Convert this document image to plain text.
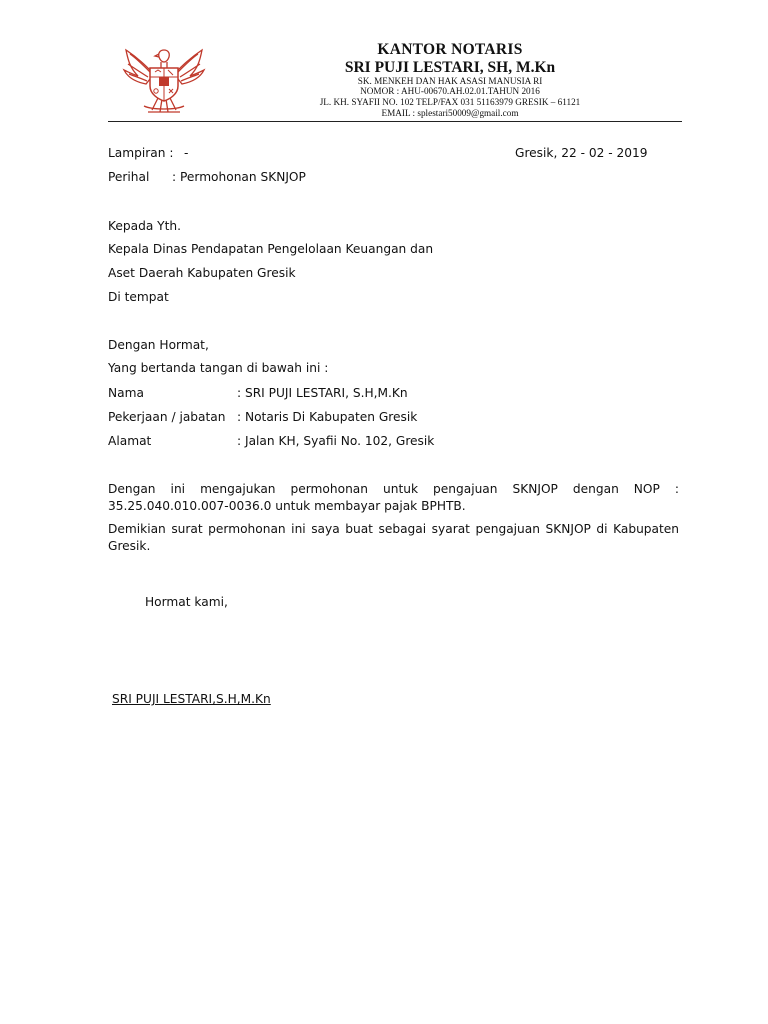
KANTOR NOTARIS
SRI PUJI LESTARI, SH, M.Kn
SK. MENKEH DAN HAK ASASI MANUSIA RI
NOMOR : AHU-00670.AH.02.01.TAHUN 2016
JL. KH. SYAFII NO. 102 TELP/FAX 031 51163979 GRESIK – 61121
EMAIL : splestari50009@gmail.com
Lampiran : -	Gresik, 22 - 02 - 2019
Perihal : Permohonan SKNJOP
Kepada Yth.
Kepala Dinas Pendapatan Pengelolaan Keuangan dan
Aset Daerah Kabupaten Gresik
Di tempat
Dengan Hormat,
Yang bertanda tangan di bawah ini :
Nama	: SRI PUJI LESTARI, S.H,M.Kn
Pekerjaan / jabatan : Notaris Di Kabupaten Gresik
Alamat	: Jalan KH, Syafii No. 102, Gresik
Dengan ini mengajukan permohonan untuk pengajuan SKNJOP dengan NOP : 35.25.040.010.007-0036.0 untuk membayar pajak BPHTB.
Demikian surat permohonan ini saya buat sebagai syarat pengajuan SKNJOP di Kabupaten Gresik.
Hormat kami,
SRI PUJI LESTARI,S.H,M.Kn
